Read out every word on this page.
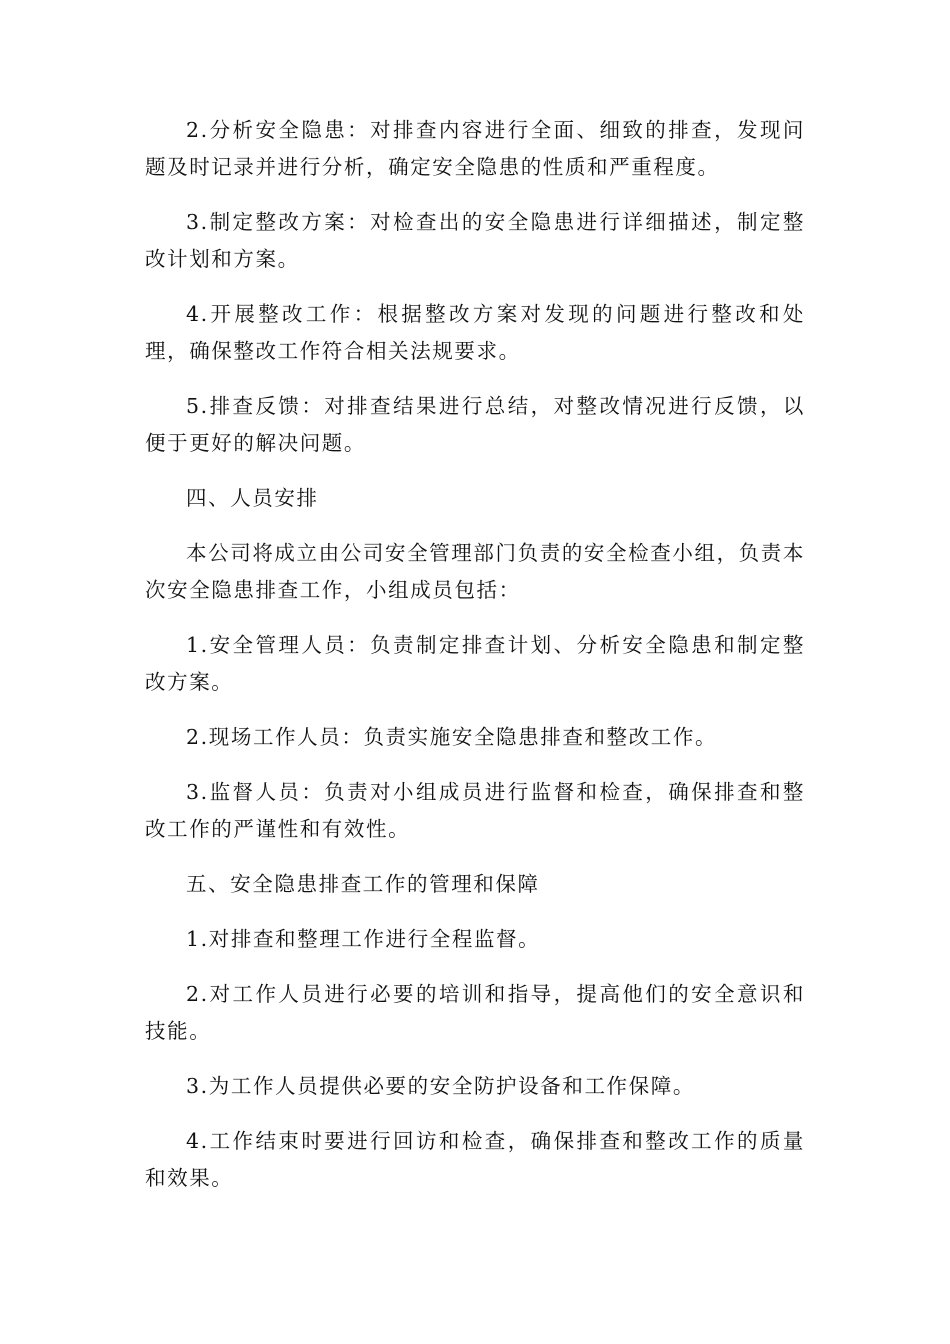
2.分析安全隐患：对排查内容进行全面、细致的排查，发现问题及时记录并进行分析，确定安全隐患的性质和严重程度。

3.制定整改方案：对检查出的安全隐患进行详细描述，制定整改计划和方案。

4.开展整改工作：根据整改方案对发现的问题进行整改和处理，确保整改工作符合相关法规要求。

5.排查反馈：对排查结果进行总结，对整改情况进行反馈，以便于更好的解决问题。

四、人员安排

本公司将成立由公司安全管理部门负责的安全检查小组，负责本次安全隐患排查工作，小组成员包括：

1.安全管理人员：负责制定排查计划、分析安全隐患和制定整改方案。

2.现场工作人员：负责实施安全隐患排查和整改工作。

3.监督人员：负责对小组成员进行监督和检查，确保排查和整改工作的严谨性和有效性。

五、安全隐患排查工作的管理和保障

1.对排查和整理工作进行全程监督。

2.对工作人员进行必要的培训和指导，提高他们的安全意识和技能。

3.为工作人员提供必要的安全防护设备和工作保障。

4.工作结束时要进行回访和检查，确保排查和整改工作的质量和效果。
